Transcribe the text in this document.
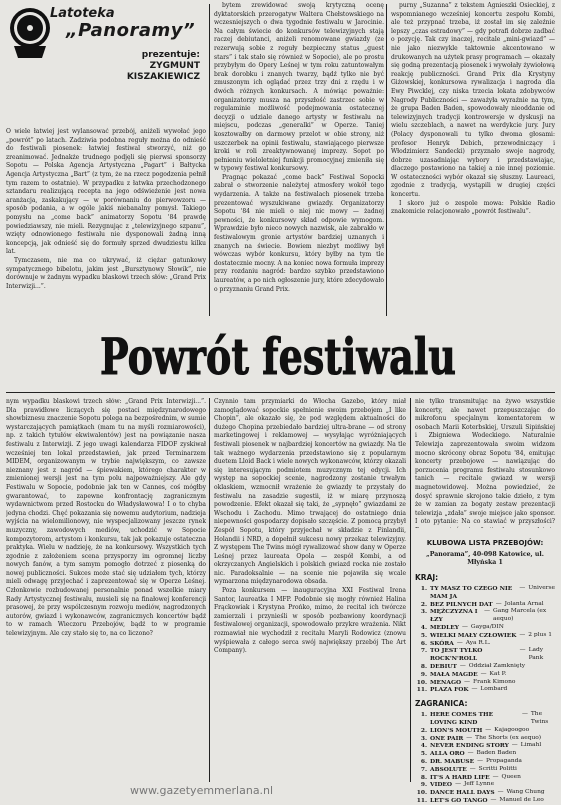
Latoteka
„Panoramy”
prezentuje:
ZYGMUNT KISZAKIEWICZ

O wiele łatwiej jest wylansować przebój, aniżeli wywołać jego „powrót” po latach. Zadziwia podobna reguły można do odnieść do festiwali piosenek: łatwiej festiwal stworzyć, niż go zreanimować. Jednakże trudnego podjęli się pierwsi sponsorzy Sopotu — Polska Agencja Artystyczna „Pagart” i Bałtycka Agencja Artystyczna „Bart” (z tym, że na rzecz pogodzenia pełnił tym razem to ostatnie). W przypadku z łatwka przechodzonego sztandaru realizującą recepta na jego odświeżenie jest nowa aranżacja, zaskakujący — w porównaniu do pierwowzoru — sposób podania, a w ogóle jakiś niebanalny pomysł. Takiego pomysłu na „come back” animatorzy Sopotu '84 prawdę powiedziawszy, nie mieli. Rezygnując z „telewizyjnego szpanu”, wzięty odnowionego festiwalu nie dysponowali żadną inną koncepcją, jak odnieść się do formuły sprzed dwudziestu kilku lat.

Tymczasem, nie ma co ukrywać, iż ciężar gatunkowy sympatycznego bibelotu, jakim jest „Bursztynowy Słowik”, nie dorównuje w żadnym wypadku blaskowi trzech słów: „Grand Prix Interwizji...”.

bytem zrewidować swoją krytyczną ocenę dyktatorskich przerogatyw Waltera Chełstowskiego na wczesniejszych o dwa tygodnie festiwalu w Jarocinie. Na całym świecie do konkursów telewizyjnych stają raczej debiutanci, aniżeli renomowane gwiazdy (ze rezerwują sobie z reguły bezpieczny status „guest stars” i tak stało się również w Sopocie), ale po prostu przybyłym do Opery Leśnej w tym roku zatuntowałym brak dorobku i znanych twarzy, bądź tylko nie być zmuszonym ich oglądać przez trzy dni z rzędu i w dwóch różnych konkursach. A mówiąc poważnie: organizatorzy musza na przyszłość zastrzec sobie w regulaminie możliwość podejmowania ostatecznej decyzji o udziale danego artysty w festiwalu na miejscu, podczas „generalki” w Operze. Taniej kosztowałby on darmowy przelot w obie strony, niż uszczerbek na opinii festiwalu, stawiającego pierwsze kroki w roli zreaktywnowanej imprezy. Sopot po pełnieniu wieloletniej funkcji promocyjnej zmieniła się w typowy festiwal konkursowy.

Pragnąc pokazać „come back” Festiwal Sopocki zabrał o stworzenie należytej atmosfery wokół tego wydarzenia. A także na festiwalach piosenek trzeba prezentować wyszukiwane gwiazdy. Organizatorzy Sopotu '84 nie mieli o niej nic mowy — żadnej pewności, że konkursowy skład odpowie wymogom. Wprawdzie było nieco nowych nazwisk, ale zabrakło w festiwalowym gronie artystów bardziej uznanych i znanych na świecie. Bowiem niezbyt możliwy był wówczas wybór konkursu, który byłby na tym tle dostatecznie mocny. A na koniec nowa formuła imprezy przy rozdaniu nagród: bardzo szybko przedstawiono laureatów, a po nich ogłoszenie jury, które zdecydowało o przyznaniu Grand Prix.

purny „Suzanna” z tekstem Agnieszki Osieckiej, z wspomnianego wcześniej koncertu zespołu Kombi, ale też przypnać trzeba, iż został im się zaleźnie lepszy „czas estradowy” — gdy potrafi dobrze zadbać o pozycję. Tak czy inaczej, recitale „mini-gwiazd” — nie jako niezwykle taktownie akcentowano w drukowanych na użytek prasy programach — okazały się godną prezentacją piosenek i wywołały żywiołową reakcję publiczności. Grand Prix dla Krystyny Giżowskiej, konkursowa rywalizacja i nagroda dla Ewy Piwcklej, czy niska trzecia lokata zdobywców Nagrody Publiczności — zaważyła wyraźnie na tym, że grupa Baden Baden, spowodowały nieoddanie od telewizyjnych tradycji kontrowersje w dyskusji na wielu szczeblach, a nawet na werdykcie jury. Jury (Polacy dysponowali tu tylko dwoma głosami: profesor Henryk Debich, przewodniczący i Włodzimierz Sandecki) przyznało swoje nagrody, dobrze uzasadniając wybory i przedstawiając, dlaczego postawiono na takiej a nie innej poziomie. W ostateczności wybór okazał się słuszny. Laureaci, zgodnie z tradycją, wystąpili w drugiej części koncertu.

I skoro już o zespole mowa: Polskie Radio znakomicie relacjonowało „powrót festiwalu”.

Powrót festiwalu

nym wypadku blaskowi trzech słów: „Grand Prix Interwizji...”. Dla prawidłowe liczących się postaci międzynarodowego showbiznesu znaczenie Sopotu polega na bezpośrednim, w sumie wystarczających pamiątkach (mam tu na myśli rozmiarowości), np. z takich tytułów ekwiwalentów) jest na powiązanie nasza festiwalu z Interwizji. Z jego uwagi kalendarza FIDOF zyskiwał wcześniej ten lokal przedstawień, jak przed Terminarzem MIDEM, organizowanym w trybie największym, co zawsze nieznany jest z nagród — śpiewakiem, którego charakter w zmienionej wersji jest na tym polu najpoważniejszy. Ale gdy Festiwalu w Sopocie, podobnie jak ten w Cannes, coś mógłby gwarantować, to zapewne konfrontację zagranicznym wydawnictwom przed Rostocku do Władysławowa! I o to chyba jedyna chodzi. Chęć pokazania się nowemu audytorium, nadzieja wyjścia na wielomilionowy, nie wyspecjalizowany jeszcze rynek muzyczny, zawodowych mediów, uchodzić w Sopocie kompozytorom, artystom i konkursu, tak jak pokazuje ostateczna praktyka. Wielu w nadzieję, że na konkursowy. Wszystkich tych zgodnie z założeniem scena przysporzy im ogromnej liczby nowych fanów, a tym samym pomogło dotrzeć z piosenką do nowej publiczności. Sukces może stać się udziałem tych, którzy mieli odwagę przyjechać i zaprezentować się w Operze Leśnej. Członkowie rozbudowanej personalnie ponad wszelkie miary Rady Artystycznej festiwalu, musieli się na finałowej konferencji prasowej, że przy wspólczesnym rozwoju mediów, nagrodzonych autorów, gwiazd i wykonawców, zagranicznych koncertów bądź to w ramach Wieczoru Przebojów, bądź to w programie telewizyjnym. Ale czy stało się to, na co liczono?

Czynnio tam przymiarki do Włocha Gazebo, który miał zamoglądować sopockie spełnienie swoim przebojem „I like Chopin”, ale okazało się, że pod względem aktualności do dużego Chopina przebiedało bardziej ultra-brane — od strony marketingowej i reklamowej — wysyłając wyróżniających festiwali piosenek w najbardziej koncertów na gwiazdy. Na tle tak ważnego wydarzenia przedstawiono się z popularnym duetem Lloid Back i wiele nowych wykonawców, którzy okazali się interesującym podmiotem muzycznym tej edycji. Ich występ na sopockiej scenie, nagrodzony zostanie trwałym oklaskiem, wzmocnił wrażenie że gwiazdy te przystały do festiwalu na zasadzie sugestii, iż w miarę przynoszą powodzenie. Efekt okazał się taki, że „sypnęło” gwiazdami ze Wschodu i Zachodu. Mimo trwającej do ostatniego dnia niepewności gospodarzy dopisało szczęście. Z pomocą przybył Zespół Sopotu, który przyjechał w składzie z Finlandii, Holandii i NRD, a dopełnił sukcesu nowy przekaz telewizyjny. Z występem The Twins mógł rywalizować show dany w Operze Leśnej przez laureata Opola — zespół Kombi, a od okrzyczanych Angielskich i polskich gwiazd rocka nie zostało nic. Paradoksalnie — na scenie nie pojawiła się wcale wymarzona międzynarodowa obsada.

Poza konkursem — inauguracyjna XXI Festiwal Irena Santor, laureatka I MFP. Podobnie się mogły również Halina Frąckowiak i Krystyna Prońko, mimo, że recital ich twórcze zamierzali i przynieśli w sposób pozbawiony koordynacji festiwalowej organizacji, spowodowało przykre wrażenia. Nikt rozmawiał nie wychodził z recitalu Maryli Rodowicz (znowu wyśpiewała z całego serca swój największy przebój The Art Company).

nie tylko transmitując na żywo wszystkie koncerty, ale nawet przepuszczając do mikrofonu specjalnym komentatorem w osobach Marii Koterbskiej, Urszuli Sipińskiej i Zbigniewa Wodeckiego. Naturalnie Telewizja zaprezentowała swoim widzom mocno skrócony obraz Sopotu '84, emitując koncerty przebojowe — nawiązując do porzucenia programu festiwalu stosunkowo tanich — recitale gwiazd w wersji magnetowidowej. Można powiedzieć, że dosyć sprawnie skrojono takie dzieło, z tym że w zamian za bogaty zestaw prezentacji telewizja „zdała” swoje miejsce jako sponsor. I oto pytanie: Na co stawiać w przyszłości?

KLUBOWA LISTA PRZEBOJÓW:
„Panorama”, 40-098 Katowice, ul. Młyńska 1
KRAJ:
1. TY MASZ TO CZEGO NIE MAM JA
— Universe
2. BEZ PILNYCH DAT — Jolanta Arnal
3. MĘŻCZYZNA I ŁZY
— Gang Marcela (ex aequo)
4. MEDLEY — Gayga/DIN
5. WIELKI MAŁY CZŁOWIEK — 2 plus 1
6. SKÓRA — Aya R.L.
7. TO JEST TYLKO ROCK'N'ROLL
— Lady Pank
8. DEBIUT — Oddział Zamknięty
9. MAŁA MAGDE — Kat P.
10. MENAGO — Frank Kimono
11. PLAZA FOK — Lombard
ZAGRANICA:
1. HERE COMES THE LOVING KIND
— The Twins
2. LION'S MOUTH — Kajagoogoo
3. ONE PAIR — The Shorts (ex aequo)
4. NEVER ENDING STORY — Limahl
5. ALLA ORO — Baden Baden
6. DR. MABUSE — Propaganda
7. ABSOLUTE — Scritti Politti
8. IT'S A HARD LIFE — Queen
9. VIDEO — Jeff Lynne
10. DANCE HALL DAYS — Wang Chung
11. LET'S GO TANGO — Manuel de Leo
www.gazetyemmerlana.nl
